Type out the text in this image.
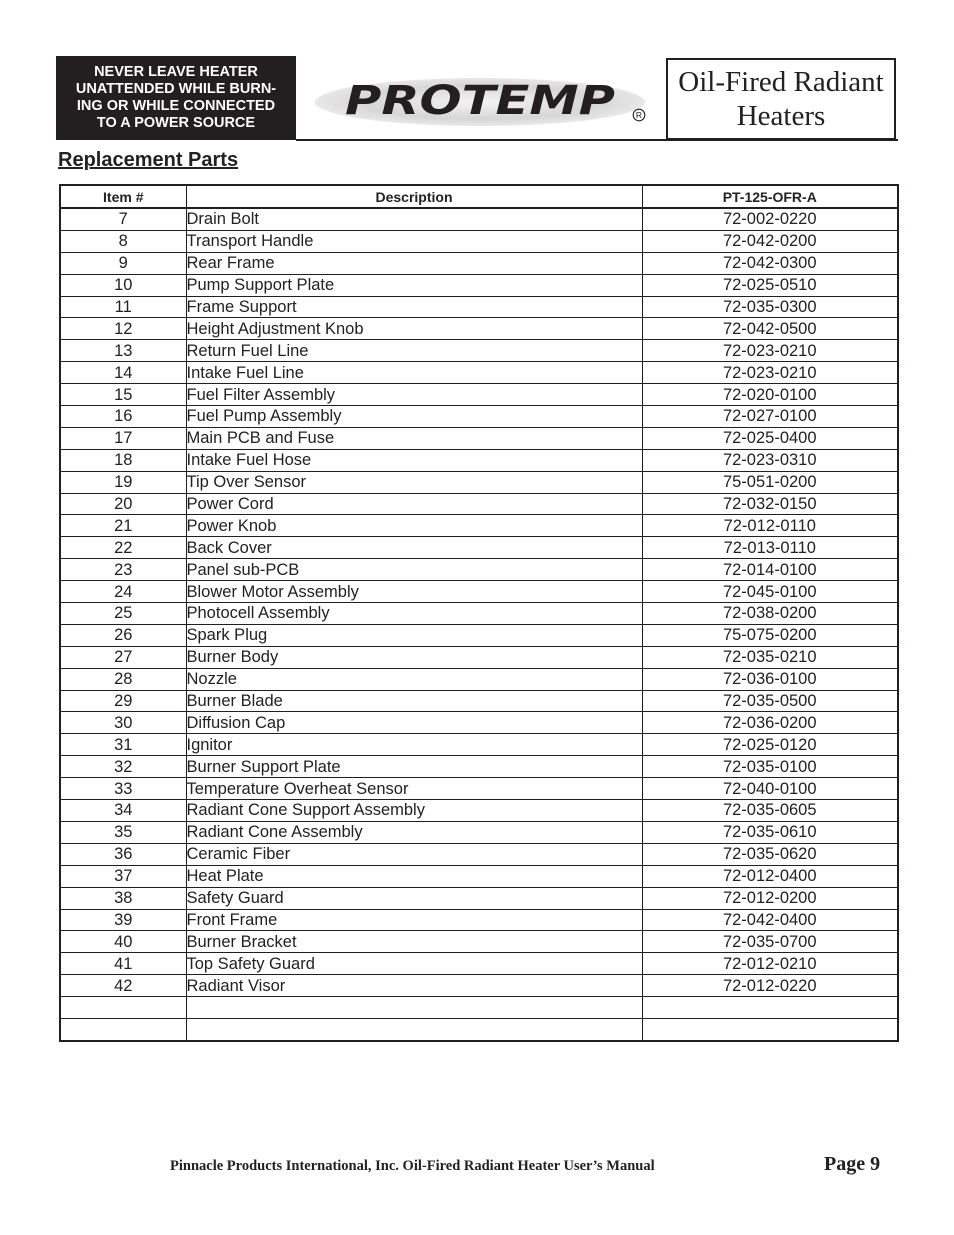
NEVER LEAVE HEATER
UNATTENDED WHILE BURN-
ING OR WHILE CONNECTED
TO A POWER SOURCE	PROTEMP R
Oil-Fired Radiant
Heaters
Replacement Parts
Item #	Description	PT-125-OFR-A
7	Drain Bolt	72-002-0220
8	Transport Handle	72-042-0200
9	Rear Frame	72-042-0300
10	Pump Support Plate	72-025-0510
11	Frame Support	72-035-0300
12	Height Adjustment Knob	72-042-0500
13	Return Fuel Line	72-023-0210
14	Intake Fuel Line	72-023-0210
15	Fuel Filter Assembly	72-020-0100
16	Fuel Pump Assembly	72-027-0100
17	Main PCB and Fuse	72-025-0400
18	Intake Fuel Hose	72-023-0310
19	Tip Over Sensor	75-051-0200
20	Power Cord	72-032-0150
21	Power Knob	72-012-0110
22	Back Cover	72-013-0110
23	Panel sub-PCB	72-014-0100
24	Blower Motor Assembly	72-045-0100
25	Photocell Assembly	72-038-0200
26	Spark Plug	75-075-0200
27	Burner Body	72-035-0210
28	Nozzle	72-036-0100
29	Burner Blade	72-035-0500
30	Diffusion Cap	72-036-0200
31	Ignitor	72-025-0120
32	Burner Support Plate	72-035-0100
33	Temperature Overheat Sensor	72-040-0100
34	Radiant Cone Support Assembly	72-035-0605
35	Radiant Cone Assembly	72-035-0610
36	Ceramic Fiber	72-035-0620
37	Heat Plate	72-012-0400
38	Safety Guard	72-012-0200
39	Front Frame	72-042-0400
40	Burner Bracket	72-035-0700
41	Top Safety Guard	72-012-0210
42	Radiant Visor	72-012-0220

Pinnacle Products International, Inc. Oil-Fired Radiant Heater User’s Manual	Page 9
